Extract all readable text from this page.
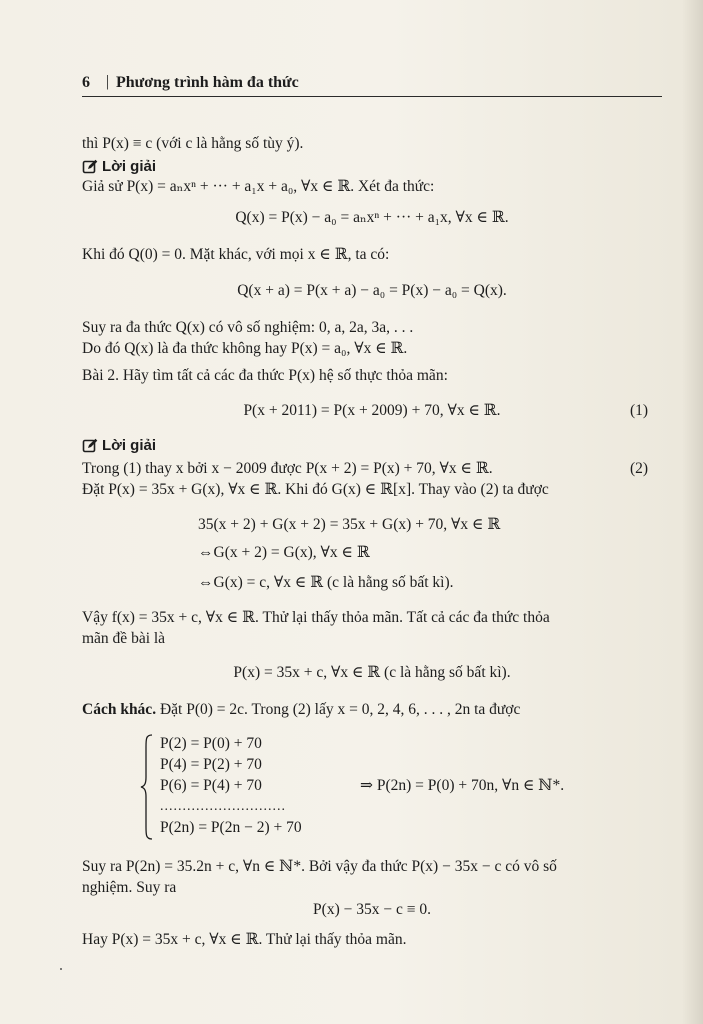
6 | Phương trình hàm đa thức
thì P(x) ≡ c (với c là hằng số tùy ý).
Lời giải
Giả sử P(x) = aₙxⁿ + ··· + a₁x + a₀, ∀x ∈ ℝ. Xét đa thức:
Q(x) = P(x) − a₀ = aₙxⁿ + ··· + a₁x, ∀x ∈ ℝ.
Khi đó Q(0) = 0. Mặt khác, với mọi x ∈ ℝ, ta có:
Q(x + a) = P(x + a) − a₀ = P(x) − a₀ = Q(x).
Suy ra đa thức Q(x) có vô số nghiệm: 0, a, 2a, 3a, . . .
Do đó Q(x) là đa thức không hay P(x) = a₀, ∀x ∈ ℝ.
Bài 2. Hãy tìm tất cả các đa thức P(x) hệ số thực thỏa mãn:
P(x + 2011) = P(x + 2009) + 70, ∀x ∈ ℝ.	(1)
Lời giải
Trong (1) thay x bởi x − 2009 được P(x + 2) = P(x) + 70, ∀x ∈ ℝ.	(2)
Đặt P(x) = 35x + G(x), ∀x ∈ ℝ. Khi đó G(x) ∈ ℝ[x]. Thay vào (2) ta được
35(x + 2) + G(x + 2) = 35x + G(x) + 70, ∀x ∈ ℝ
⇔G(x + 2) = G(x), ∀x ∈ ℝ
⇔G(x) = c, ∀x ∈ ℝ (c là hằng số bất kì).
Vậy f(x) = 35x + c, ∀x ∈ ℝ. Thử lại thấy thỏa mãn. Tất cả các đa thức thỏa
mãn đề bài là
P(x) = 35x + c, ∀x ∈ ℝ (c là hằng số bất kì).
Cách khác. Đặt P(0) = 2c. Trong (2) lấy x = 0, 2, 4, 6, . . . , 2n ta được
P(2) = P(0) + 70
P(4) = P(2) + 70
P(6) = P(4) + 70
............................
P(2n) = P(2n − 2) + 70
⇒ P(2n) = P(0) + 70n, ∀n ∈ ℕ*.
Suy ra P(2n) = 35.2n + c, ∀n ∈ ℕ*. Bởi vậy đa thức P(x) − 35x − c có vô số
nghiệm. Suy ra
P(x) − 35x − c ≡ 0.
Hay P(x) = 35x + c, ∀x ∈ ℝ. Thử lại thấy thỏa mãn.
